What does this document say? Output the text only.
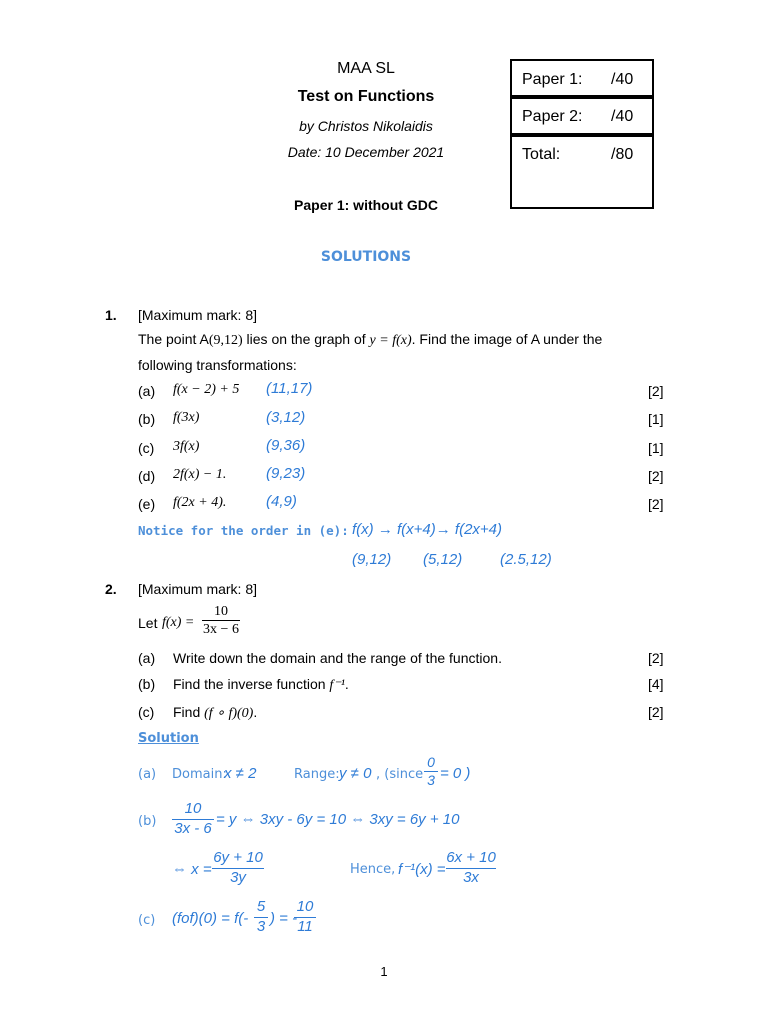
MAA SL
Test on Functions
by Christos Nikolaidis
Date: 10 December 2021
Paper 1: without GDC
Paper 1: /40
Paper 2: /40
Total:	/80
SOLUTIONS
1. [Maximum mark: 8]
The point A(9,12) lies on the graph of y = f(x). Find the image of A under the
following transformations:
(a) f(x − 2) + 5 (11,17)	[2]
(b) f(3x)	(3,12)	[1]
(c) 3f(x)	(9,36)	[1]
(d) 2f(x) − 1.	(9,23)	[2]
(e) f(2x + 4).	(4,9)	[2]
Notice for the order in (e): f(x) → f(x+4)→ f(2x+4)
(9,12) (5,12)	(2.5,12)
2. [Maximum mark: 8]
Let f(x) =
10
3x − 6
(a) Write down the domain and the range of the function.	[2]
(b) Find the inverse function f⁻¹.	[4]
(c) Find (f ∘ f)(0).	[2]
Solution
(a) Domain:
x ≠ 2	Range: y ≠ 0 , (since
0
3 = 0 )
(b)
10
3x - 6 = y ⇔ 3xy - 6y = 10 ⇔ 3xy = 6y + 10
⇔ x =
6y + 10
3y	Hence, f⁻¹(x) =
6x + 10
3x
(c) (fof)(0) = f(-
5
3 ) = -
10
11
1
